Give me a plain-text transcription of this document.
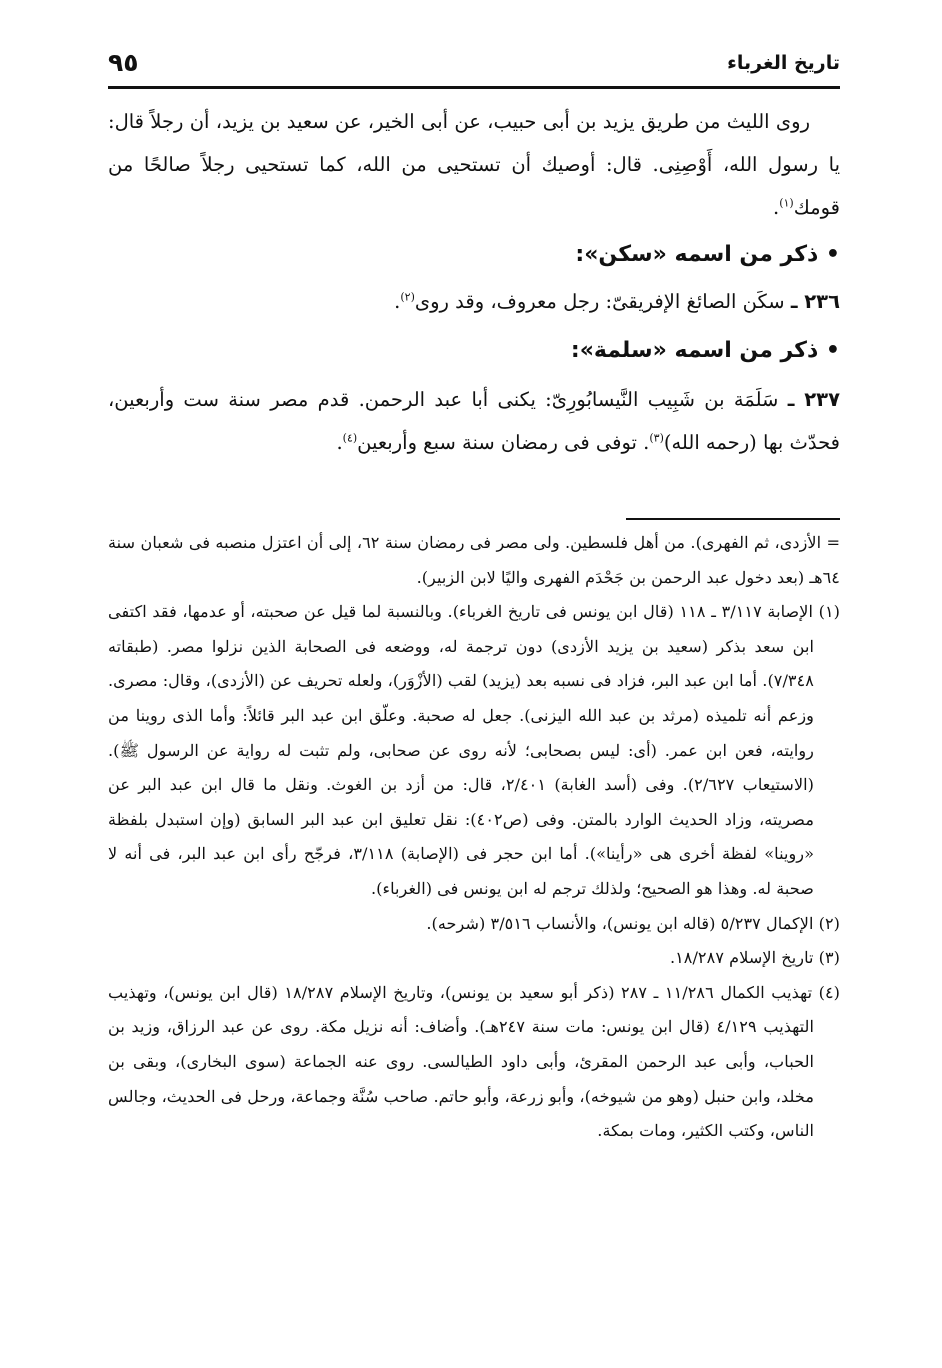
تاريخ الغرباء
٩٥

روى الليث من طريق يزيد بن أبى حبيب، عن أبى الخير، عن سعيد بن يزيد، أن رجلاً قال: يا رسول الله، أَوْصِنِى. قال: أوصيك أن تستحيى من الله، كما تستحيى رجلاً صالحًا من قومك$^{(١)}$.

• ذكر من اسمه «سكن»:

٢٣٦ ـ سكَن الصائغ الإفريقىّ: رجل معروف، وقد روى$^{(٢)}$.

• ذكر من اسمه «سلمة»:

٢٣٧ ـ سَلَمَة بن شَبِيب النَّيسابُورِىّ: يكنى أبا عبد الرحمن. قدم مصر سنة ست وأربعين، فحدّث بها (رحمه الله)$^{(٣)}$. توفى فى رمضان سنة سبع وأربعين$^{(٤)}$.

= الأزدى، ثم الفهرى). من أهل فلسطين. ولى مصر فى رمضان سنة ٦٢، إلى أن اعتزل منصبه فى شعبان سنة ٦٤هـ (بعد دخول عبد الرحمن بن جَحْدَم الفهرى واليًا لابن الزبير).

(١) الإصابة ٣/١١٧ ـ ١١٨ (قال ابن يونس فى تاريخ الغرباء). وبالنسبة لما قيل عن صحبته، أو عدمها، فقد اكتفى ابن سعد بذكر (سعيد بن يزيد الأزدى) دون ترجمة له، ووضعه فى الصحابة الذين نزلوا مصر. (طبقاته ٧/٣٤٨). أما ابن عبد البر، فزاد فى نسبه بعد (يزيد) لقب (الأزْوَر)، ولعله تحريف عن (الأزدى)، وقال: مصرى. وزعم أنه تلميذه (مرثد بن عبد الله اليزنى). جعل له صحبة. وعلّق ابن عبد البر قائلاً: وأما الذى روينا من روايته، فعن ابن عمر. (أى: ليس بصحابى؛ لأنه روى عن صحابى، ولم تثبت له رواية عن الرسول ﷺ). (الاستيعاب ٢/٦٢٧). وفى (أسد الغابة) ٢/٤٠١، قال: من أزد بن الغوث. ونقل ما قال ابن عبد البر عن مصريته، وزاد الحديث الوارد بالمتن. وفى (ص٤٠٢): نقل تعليق ابن عبد البر السابق (وإن استبدل بلفظة «روينا» لفظة أخرى هى «رأينا»). أما ابن حجر فى (الإصابة) ٣/١١٨، فرجّح رأى ابن عبد البر، فى أنه لا صحبة له. وهذا هو الصحيح؛ ولذلك ترجم له ابن يونس فى (الغرباء).

(٢) الإكمال ٥/٢٣٧ (قاله ابن يونس)، والأنساب ٣/٥١٦ (شرحه).

(٣) تاريخ الإسلام ١٨/٢٨٧.

(٤) تهذيب الكمال ١١/٢٨٦ ـ ٢٨٧ (ذكر أبو سعيد بن يونس)، وتاريخ الإسلام ١٨/٢٨٧ (قال ابن يونس)، وتهذيب التهذيب ٤/١٢٩ (قال ابن يونس: مات سنة ٢٤٧هـ). وأضاف: أنه نزيل مكة. روى عن عبد الرزاق، وزيد بن الحباب، وأبى عبد الرحمن المقرئ، وأبى داود الطيالسى. روى عنه الجماعة (سوى البخارى)، وبقى بن مخلد، وابن حنبل (وهو من شيوخه)، وأبو زرعة، وأبو حاتم. صاحب سُنَّة وجماعة، ورحل فى الحديث، وجالس الناس، وكتب الكثير، ومات بمكة.
